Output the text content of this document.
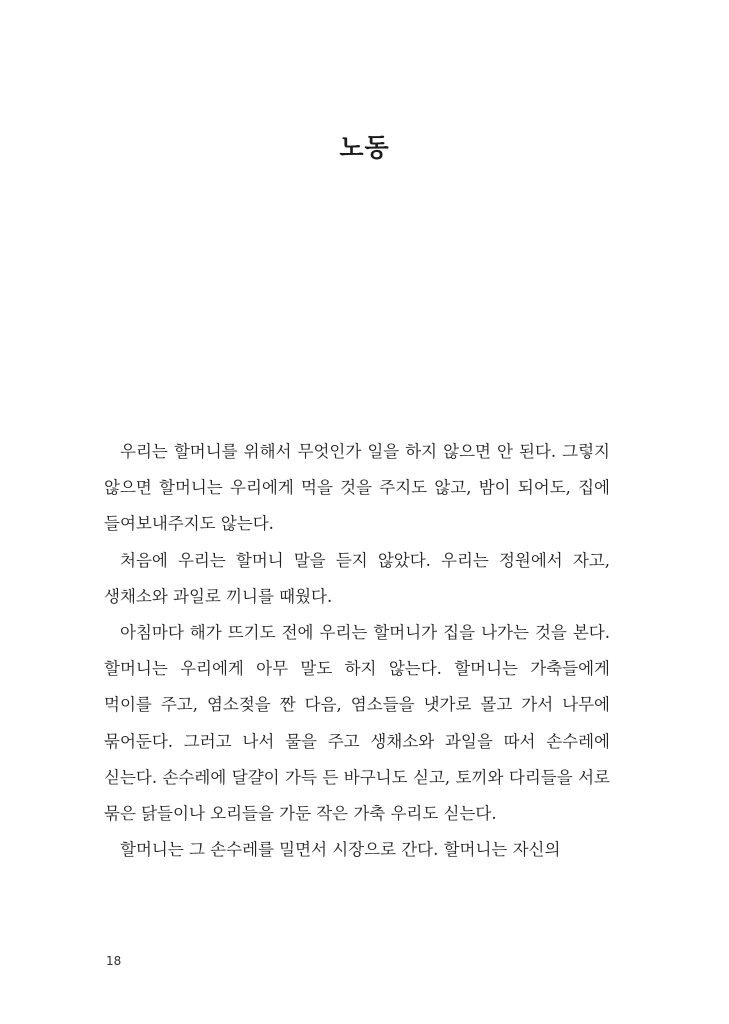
노동

우리는 할머니를 위해서 무엇인가 일을 하지 않으면 안 된다. 그렇지 않으면 할머니는 우리에게 먹을 것을 주지도 않고, 밤이 되어도, 집에 들여보내주지도 않는다.

처음에 우리는 할머니 말을 듣지 않았다. 우리는 정원에서 자고, 생채소와 과일로 끼니를 때웠다.

아침마다 해가 뜨기도 전에 우리는 할머니가 집을 나가는 것을 본다. 할머니는 우리에게 아무 말도 하지 않는다. 할머니는 가축들에게 먹이를 주고, 염소젖을 짠 다음, 염소들을 냇가로 몰고 가서 나무에 묶어둔다. 그러고 나서 물을 주고 생채소와 과일을 따서 손수레에 싣는다. 손수레에 달걀이 가득 든 바구니도 싣고, 토끼와 다리들을 서로 묶은 닭들이나 오리들을 가둔 작은 가축 우리도 싣는다.

할머니는 그 손수레를 밀면서 시장으로 간다. 할머니는 자신의

18
